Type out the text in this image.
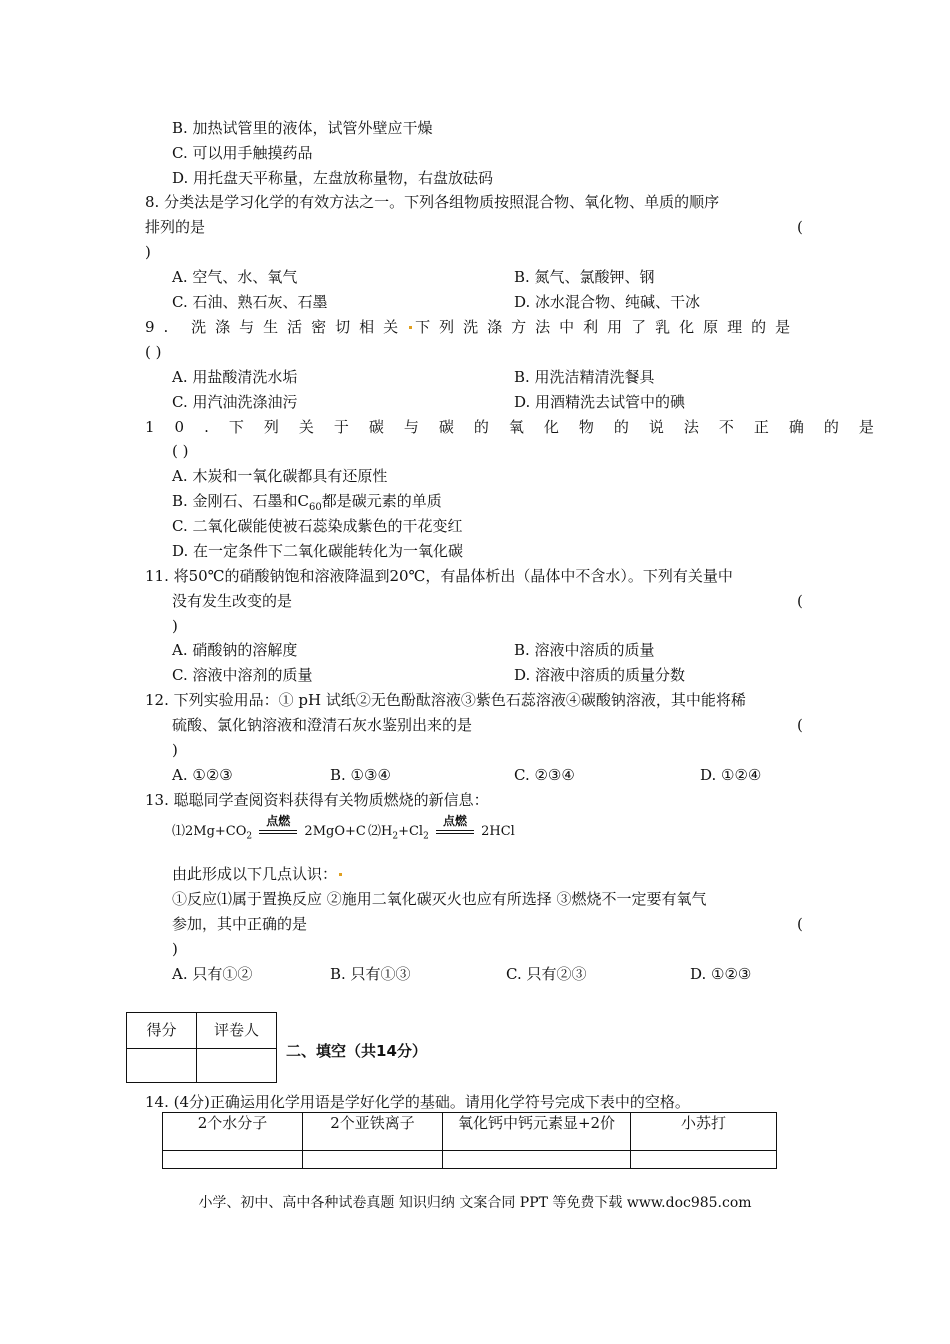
B. 加热试管里的液体，试管外壁应干燥
C. 可以用手触摸药品
D. 用托盘天平称量，左盘放称量物，右盘放砝码
8. 分类法是学习化学的有效方法之一。下列各组物质按照混合物、氧化物、单质的顺序
排列的是	(
)
A. 空气、水、氧气	B. 氮气、氯酸钾、钢
C. 石油、熟石灰、石墨	D. 冰水混合物、纯碱、干冰
9. 洗涤与生活密切相关 下列洗涤方法中利用了乳化原理的是
( )
A. 用盐酸清洗水垢	B. 用洗洁精清洗餐具
C. 用汽油洗涤油污	D. 用酒精洗去试管中的碘
10.下列关于碳与碳的氧化物的说法不正确的是
( )
A. 木炭和一氧化碳都具有还原性
B. 金刚石、石墨和$C_{60}$都是碳元素的单质
C. 二氧化碳能使被石蕊染成紫色的干花变红
D. 在一定条件下二氧化碳能转化为一氧化碳
11. 将50℃的硝酸钠饱和溶液降温到20℃，有晶体析出（晶体中不含水）。下列有关量中
没有发生改变的是	(
)
A. 硝酸钠的溶解度	B. 溶液中溶质的质量
C. 溶液中溶剂的质量	D. 溶液中溶质的质量分数
12. 下列实验用品：① pH 试纸②无色酚酞溶液③紫色石蕊溶液④碳酸钠溶液，其中能将稀
硫酸、氯化钠溶液和澄清石灰水鉴别出来的是	(
)
A. ①②③	B. ①③④	C. ②③④	D. ①②④
13. 聪聪同学查阅资料获得有关物质燃烧的新信息：
$⑴2Mg+CO_2$
点燃
2MgO+C $⑵H_2+Cl_2$
点燃
2HCl
由此形成以下几点认识：
①反应⑴属于置换反应 ②施用二氧化碳灭火也应有所选择 ③燃烧不一定要有氧气
参加，其中正确的是	(
)
A. 只有①②	B. 只有①③	C. 只有②③	D. ①②③
得分	评卷人

二、填空（共14分）
14. (4分)正确运用化学用语是学好化学的基础。请用化学符号完成下表中的空格。
2个水分子	2个亚铁离子	氧化钙中钙元素显+2价	小苏打

小学、初中、高中各种试卷真题 知识归纳 文案合同 PPT 等免费下载 www.doc985.com
